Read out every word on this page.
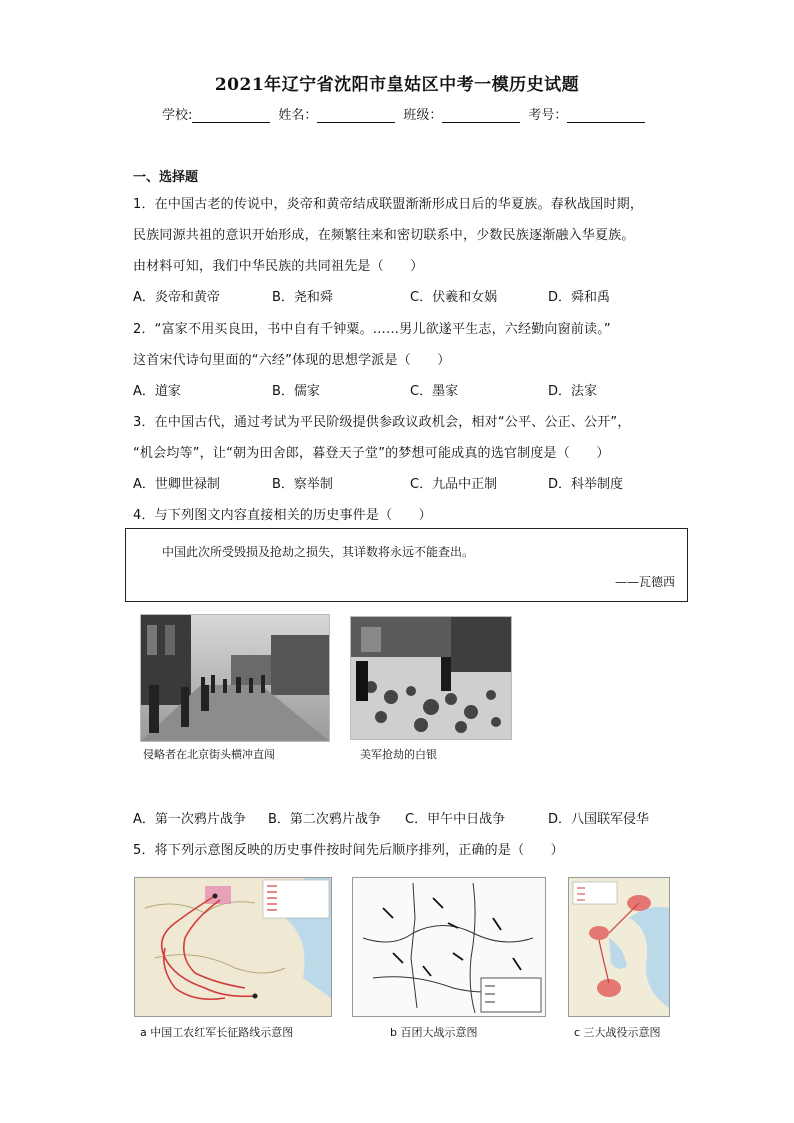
2021年辽宁省沈阳市皇姑区中考一模历史试题
学校:	姓名：	班级：	考号：
一、选择题
1．在中国古老的传说中，炎帝和黄帝结成联盟渐渐形成日后的华夏族。春秋战国时期，
民族同源共祖的意识开始形成，在频繁往来和密切联系中，少数民族逐渐融入华夏族。
由材料可知，我们中华民族的共同祖先是（　　）
A．炎帝和黄帝	B．尧和舜	C．伏羲和女娲	D．舜和禹
2．“富家不用买良田，书中自有千钟粟。……男儿欲遂平生志，六经勤向窗前读。”
这首宋代诗句里面的“六经”体现的思想学派是（　　）
A．道家	B．儒家	C．墨家	D．法家
3．在中国古代，通过考试为平民阶级提供参政议政机会，相对“公平、公正、公开”，
“机会均等”，让“朝为田舍郎，暮登天子堂”的梦想可能成真的选官制度是（　　）
A．世卿世禄制	B．察举制	C．九品中正制	D．科举制度
4．与下列图文内容直接相关的历史事件是（　　）
中国此次所受毁损及抢劫之损失，其详数将永远不能查出。
——瓦德西
侵略者在北京街头横冲直闯	美军抢劫的白银
A．第一次鸦片战争 B．第二次鸦片战争 C．甲午中日战争	D．八国联军侵华
5．将下列示意图反映的历史事件按时间先后顺序排列，正确的是（　　）
a 中国工农红军长征路线示意图	b 百团大战示意图	c 三大战役示意图
